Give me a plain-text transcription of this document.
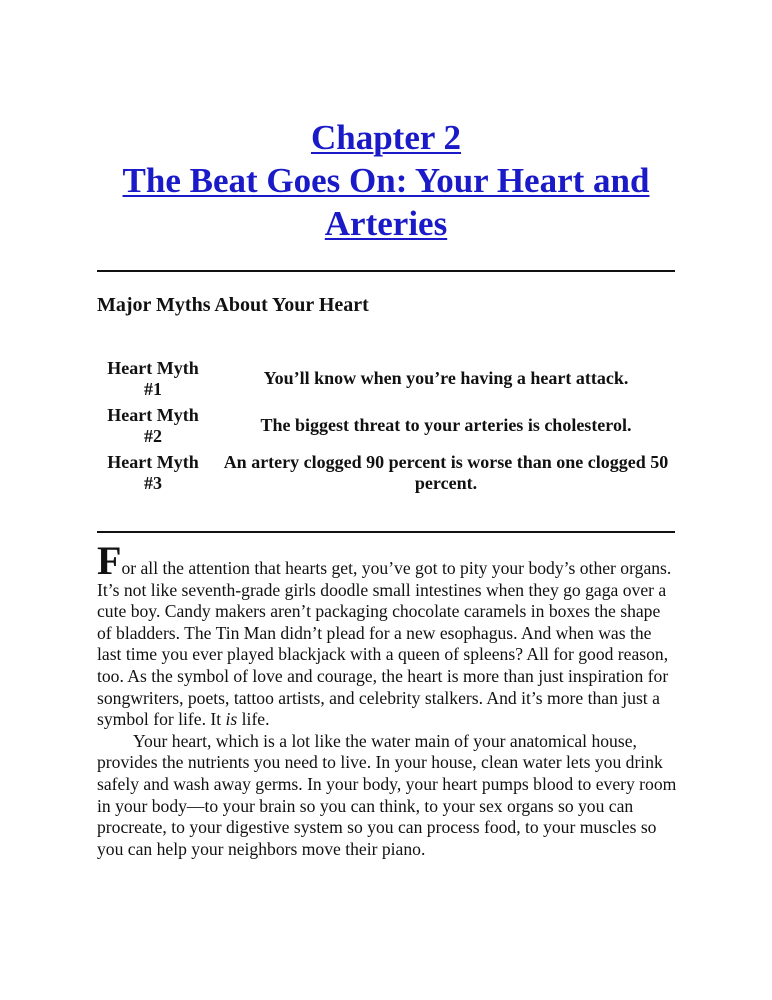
Chapter 2
The Beat Goes On: Your Heart and Arteries
Major Myths About Your Heart
Heart Myth #1	You’ll know when you’re having a heart attack.
Heart Myth #2	The biggest threat to your arteries is cholesterol.
Heart Myth #3	An artery clogged 90 percent is worse than one clogged 50 percent.

F or all the attention that hearts get, you’ve got to pity your body’s other organs. It’s not like seventh-grade girls doodle small intestines when they go gaga over a cute boy. Candy makers aren’t packaging chocolate caramels in boxes the shape of bladders. The Tin Man didn’t plead for a new esophagus. And when was the last time you ever played blackjack with a queen of spleens? All for good reason, too. As the symbol of love and courage, the heart is more than just inspiration for songwriters, poets, tattoo artists, and celebrity stalkers. And it’s more than just a symbol for life. It is life.

Your heart, which is a lot like the water main of your anatomical house, provides the nutrients you need to live. In your house, clean water lets you drink safely and wash away germs. In your body, your heart pumps blood to every room in your body—to your brain so you can think, to your sex organs so you can procreate, to your digestive system so you can process food, to your muscles so you can help your neighbors move their piano.
